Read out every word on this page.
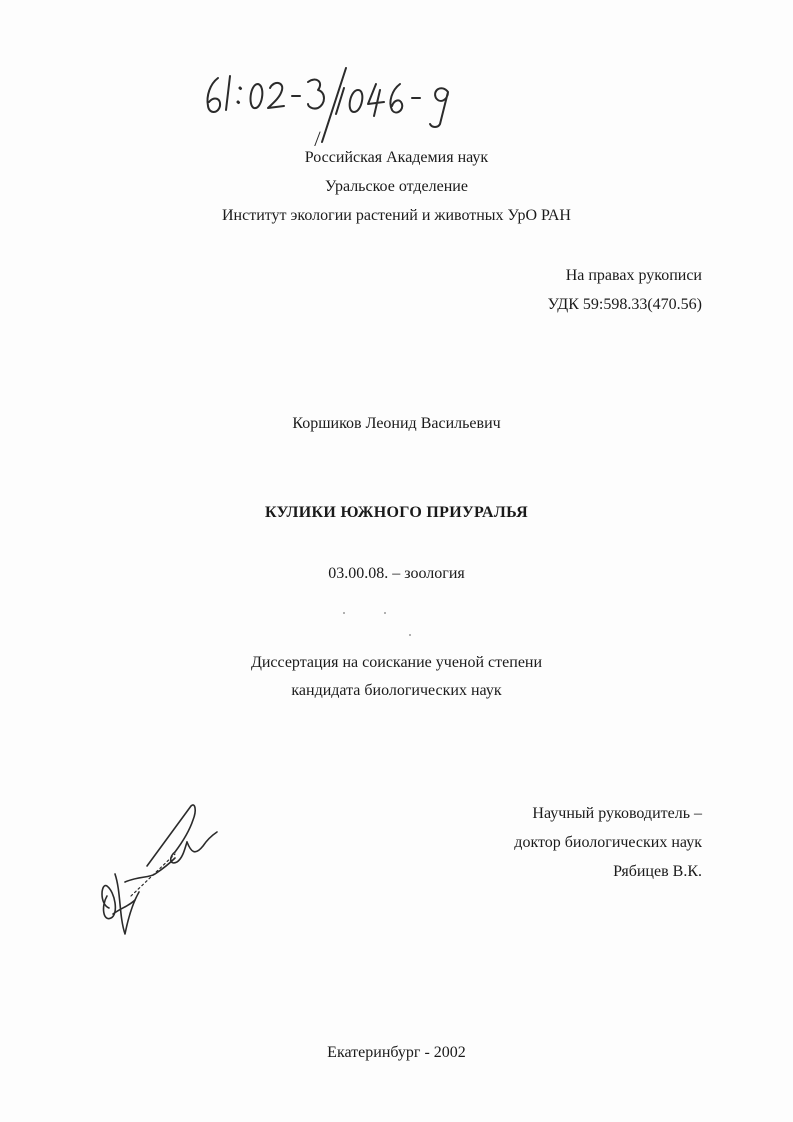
Российская Академия наук
Уральское отделение
Институт экологии растений и животных УрО РАН
На правах рукописи
УДК 59:598.33(470.56)
Коршиков Леонид Васильевич
КУЛИКИ ЮЖНОГО ПРИУРАЛЬЯ
03.00.08. – зоология
Диссертация на соискание ученой степени
кандидата биологических наук
Научный руководитель –
доктор биологических наук
Рябицев В.К.
Екатеринбург - 2002
